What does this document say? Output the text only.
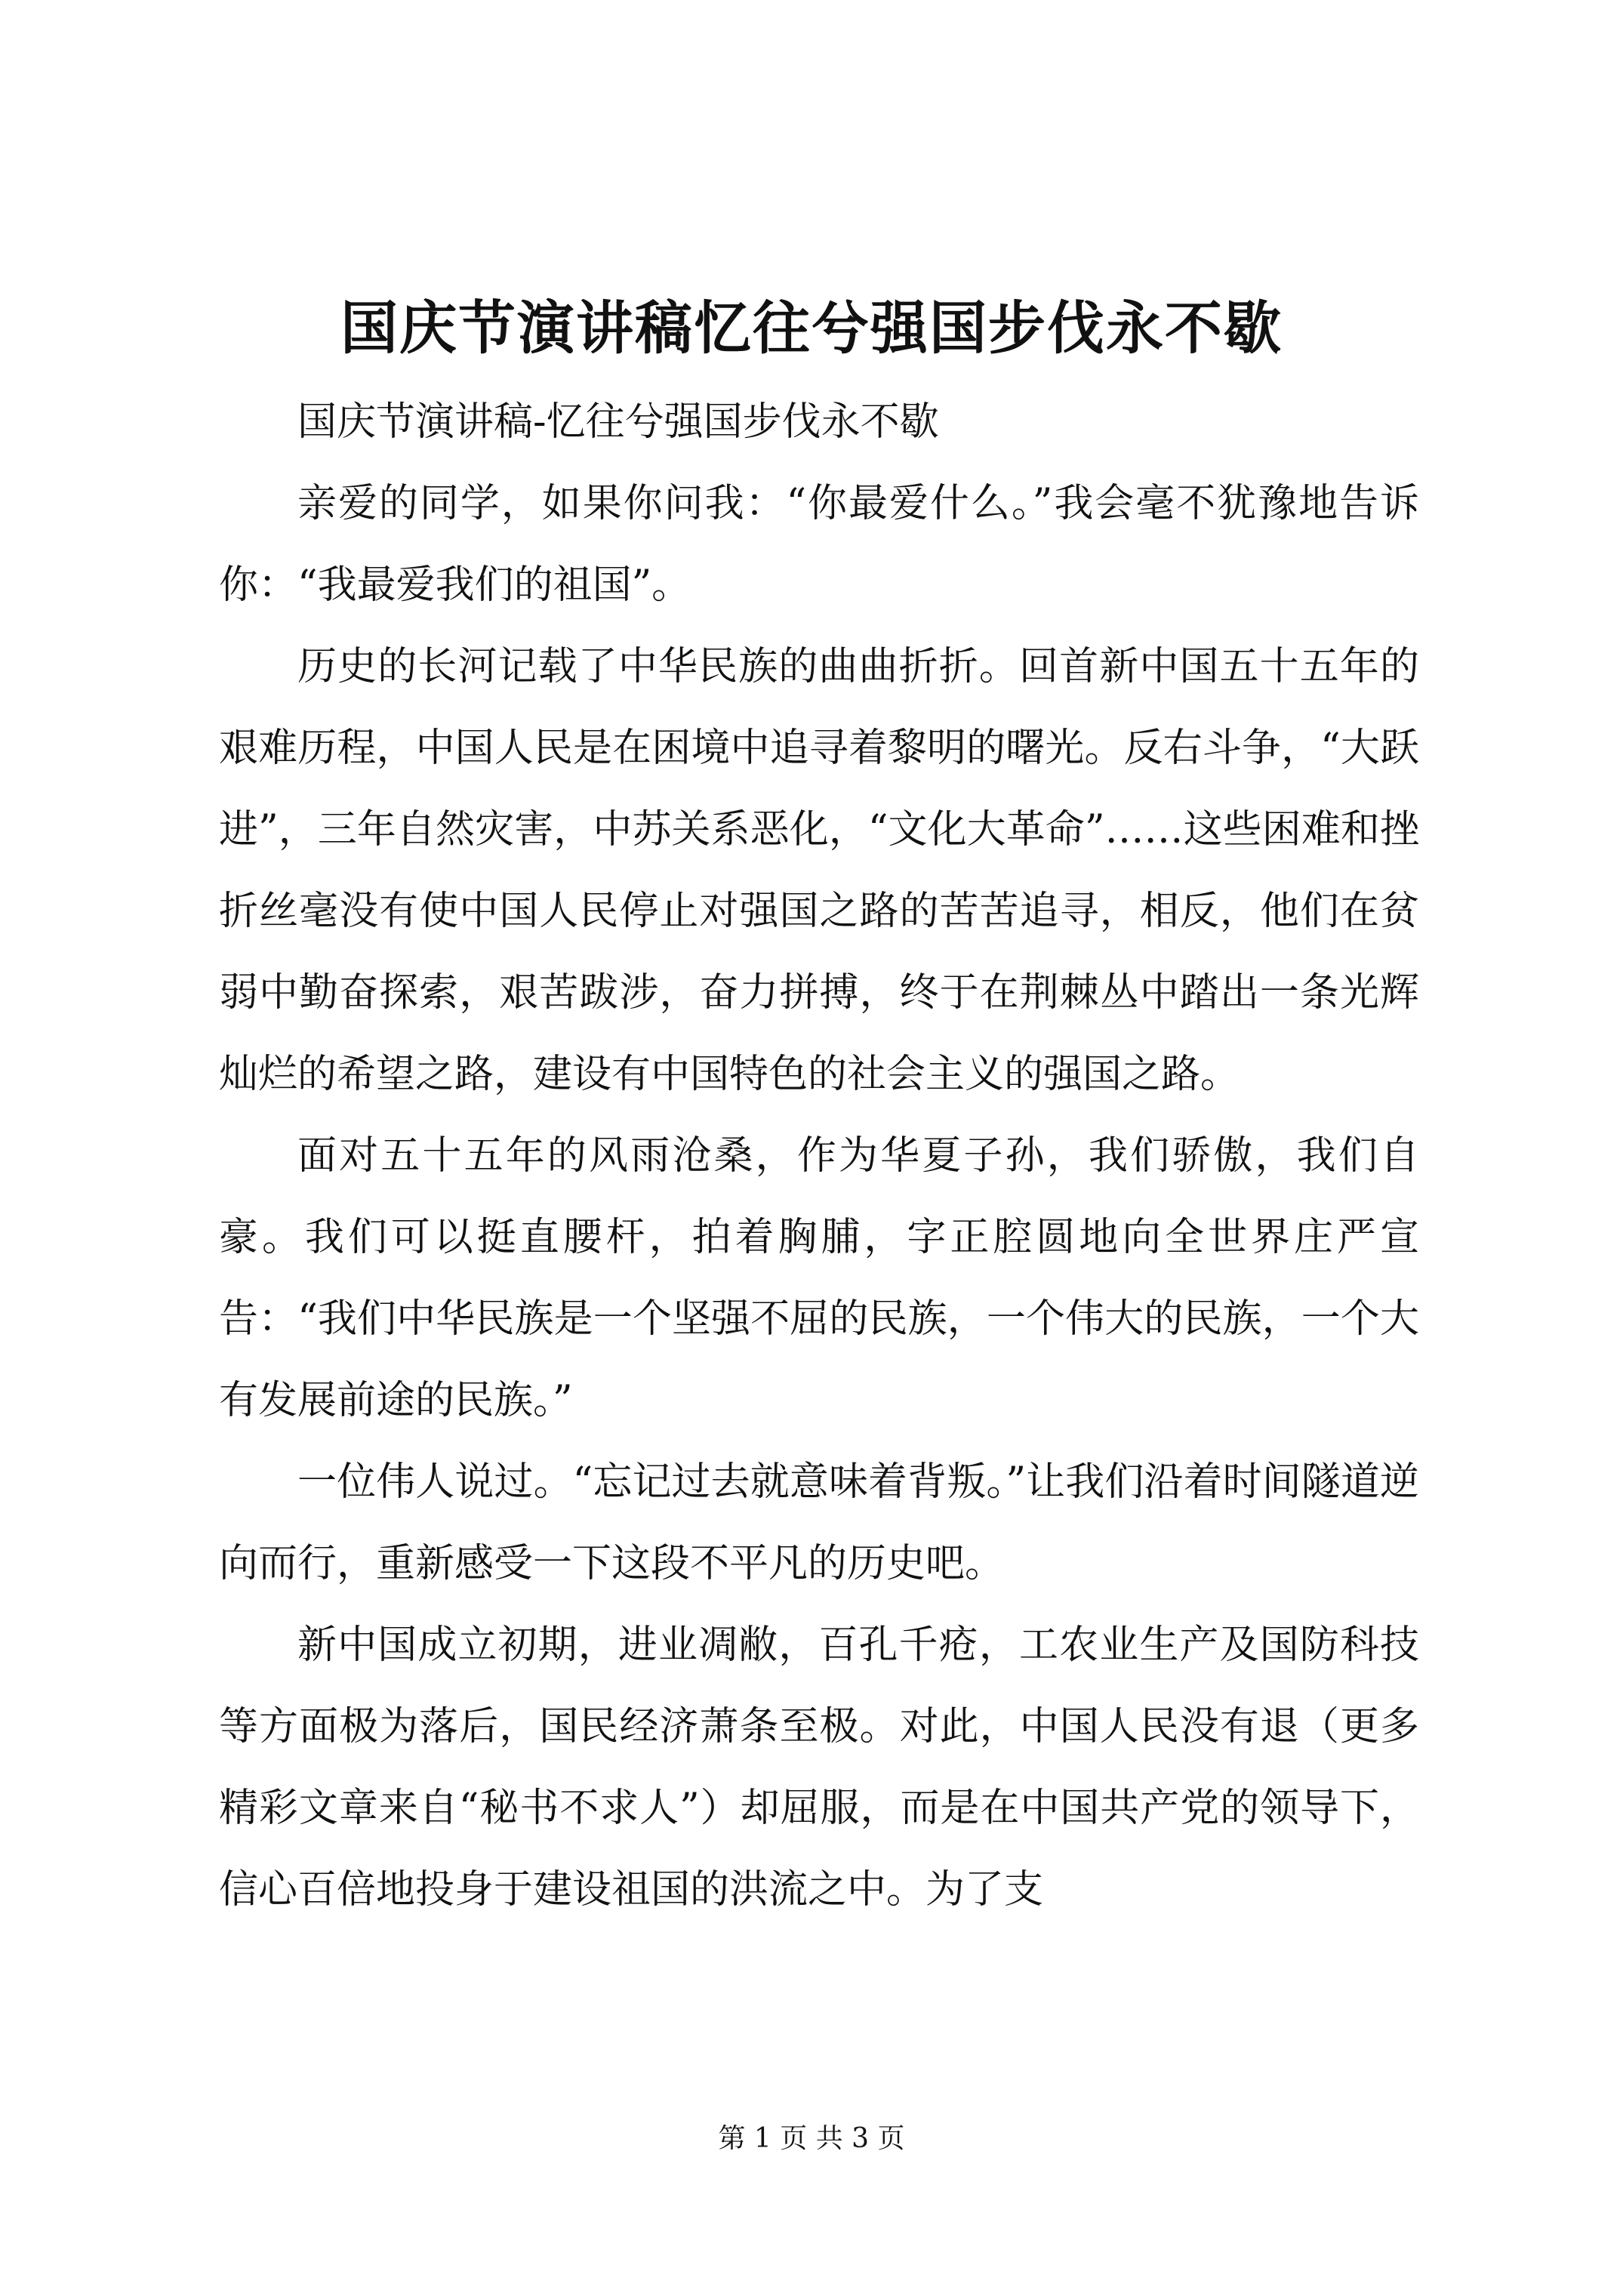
国庆节演讲稿忆往兮强国步伐永不歇

国庆节演讲稿-忆往兮强国步伐永不歇

亲爱的同学，如果你问我：“你最爱什么。”我会毫不犹豫地告诉你：“我最爱我们的祖国”。

历史的长河记载了中华民族的曲曲折折。回首新中国五十五年的艰难历程，中国人民是在困境中追寻着黎明的曙光。反右斗争，“大跃进”，三年自然灾害，中苏关系恶化，“文化大革命”……这些困难和挫折丝毫没有使中国人民停止对强国之路的苦苦追寻，相反，他们在贫弱中勤奋探索，艰苦跋涉，奋力拼搏，终于在荆棘丛中踏出一条光辉灿烂的希望之路，建设有中国特色的社会主义的强国之路。

面对五十五年的风雨沧桑，作为华夏子孙，我们骄傲，我们自豪。我们可以挺直腰杆，拍着胸脯，字正腔圆地向全世界庄严宣告：“我们中华民族是一个坚强不屈的民族，一个伟大的民族，一个大有发展前途的民族。”

一位伟人说过。“忘记过去就意味着背叛。”让我们沿着时间隧道逆向而行，重新感受一下这段不平凡的历史吧。

新中国成立初期，进业凋敝，百孔千疮，工农业生产及国防科技等方面极为落后，国民经济萧条至极。对此，中国人民没有退（更多精彩文章来自“秘书不求人”）却屈服，而是在中国共产党的领导下，信心百倍地投身于建设祖国的洪流之中。为了支

第 1 页 共 3 页
